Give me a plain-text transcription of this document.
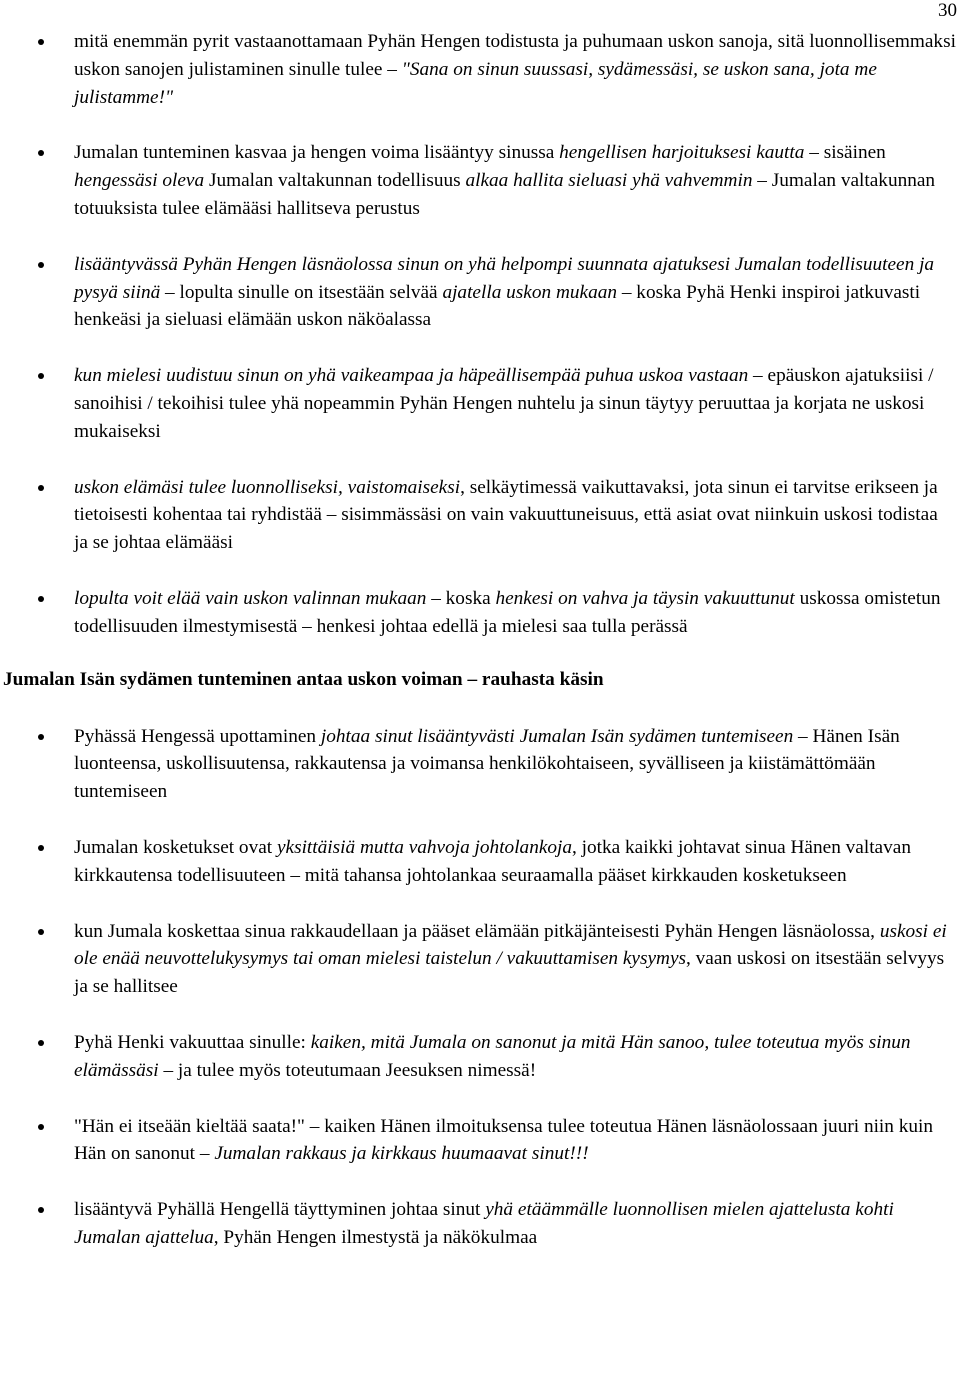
30
mitä enemmän pyrit vastaanottamaan Pyhän Hengen todistusta ja puhumaan uskon sanoja, sitä luonnollisemmaksi uskon sanojen julistaminen sinulle tulee – "Sana on sinun suussasi, sydämessäsi, se uskon sana, jota me julistamme!"
Jumalan tunteminen kasvaa ja hengen voima lisääntyy sinussa hengellisen harjoituksesi kautta – sisäinen hengessäsi oleva Jumalan valtakunnan todellisuus alkaa hallita sieluasi yhä vahvemmin – Jumalan valtakunnan totuuksista tulee elämääsi hallitseva perustus
lisääntyvässä Pyhän Hengen läsnäolossa sinun on yhä helpompi suunnata ajatuksesi Jumalan todellisuuteen ja pysyä siinä – lopulta sinulle on itsestään selvää ajatella uskon mukaan – koska Pyhä Henki inspiroi jatkuvasti henkeäsi ja sieluasi elämään uskon näköalassa
kun mielesi uudistuu sinun on yhä vaikeampaa ja häpeällisempää puhua uskoa vastaan – epäuskon ajatuksiisi / sanoihisi / tekoihisi tulee yhä nopeammin Pyhän Hengen nuhtelu ja sinun täytyy peruuttaa ja korjata ne uskosi mukaiseksi
uskon elämäsi tulee luonnolliseksi, vaistomaiseksi, selkäytimessä vaikuttavaksi, jota sinun ei tarvitse erikseen ja tietoisesti kohentaa tai ryhdistää – sisimmässäsi on vain vakuuttuneisuus, että asiat ovat niinkuin uskosi todistaa ja se johtaa elämääsi
lopulta voit elää vain uskon valinnan mukaan – koska henkesi on vahva ja täysin vakuuttunut uskossa omistetun todellisuuden ilmestymisestä – henkesi johtaa edellä ja mielesi saa tulla perässä
Jumalan Isän sydämen tunteminen antaa uskon voiman – rauhasta käsin
Pyhässä Hengessä upottaminen johtaa sinut lisääntyvästi Jumalan Isän sydämen tuntemiseen – Hänen Isän luonteensa, uskollisuutensa, rakkautensa ja voimansa henkilökohtaiseen, syvälliseen ja kiistämättömään tuntemiseen
Jumalan kosketukset ovat yksittäisiä mutta vahvoja johtolankoja, jotka kaikki johtavat sinua Hänen valtavan kirkkautensa todellisuuteen – mitä tahansa johtolankaa seuraamalla pääset kirkkauden kosketukseen
kun Jumala koskettaa sinua rakkaudellaan ja pääset elämään pitkäjänteisesti Pyhän Hengen läsnäolossa, uskosi ei ole enää neuvottelukysymys tai oman mielesi taistelun / vakuuttamisen kysymys, vaan uskosi on itsestään selvyys ja se hallitsee
Pyhä Henki vakuuttaa sinulle: kaiken, mitä Jumala on sanonut ja mitä Hän sanoo, tulee toteutua myös sinun elämässäsi – ja tulee myös toteutumaan Jeesuksen nimessä!
"Hän ei itseään kieltää saata!" – kaiken Hänen ilmoituksensa tulee toteutua Hänen läsnäolossaan juuri niin kuin Hän on sanonut – Jumalan rakkaus ja kirkkaus huumaavat sinut!!!
lisääntyvä Pyhällä Hengellä täyttyminen johtaa sinut yhä etäämmälle luonnollisen mielen ajattelusta kohti Jumalan ajattelua, Pyhän Hengen ilmestystä ja näkökulmaa
